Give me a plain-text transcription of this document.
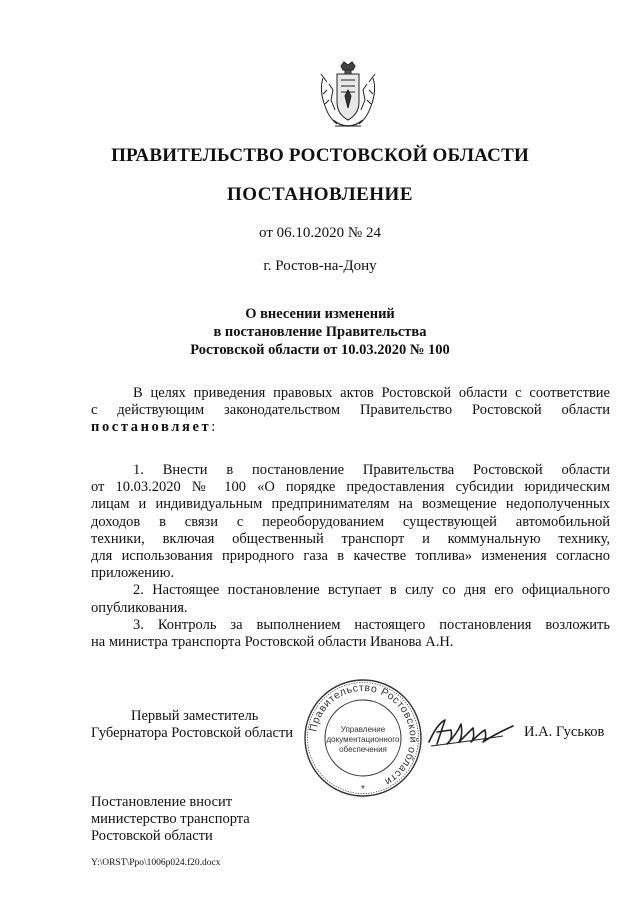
ПРАВИТЕЛЬСТВО РОСТОВСКОЙ ОБЛАСТИ
ПОСТАНОВЛЕНИЕ
от 06.10.2020 № 24
г. Ростов-на-Дону
О внесении изменений
в постановление Правительства
Ростовской области от 10.03.2020 № 100
В целях приведения правовых актов Ростовской области с соответствие
с действующим законодательством Правительство Ростовской области
постановляет:
1. Внести в постановление Правительства Ростовской области
от 10.03.2020 № 100 «О порядке предоставления субсидии юридическим
лицам и индивидуальным предпринимателям на возмещение недополученных
доходов в связи с переоборудованием существующей автомобильной
техники, включая общественный транспорт и коммунальную технику,
для использования природного газа в качестве топлива» изменения согласно
приложению.
2. Настоящее постановление вступает в силу со дня его официального
опубликования.
3. Контроль за выполнением настоящего постановления возложить
на министра транспорта Ростовской области Иванова А.Н.
Правительство Ростовской области
Управление
документационного
обеспечения
*
Первый заместитель
Губернатора Ростовской области	И.А. Гуськов
Постановление вносит
министерство транспорта
Ростовской области
Y:\ORST\Ppo\1006p024.f20.docx
